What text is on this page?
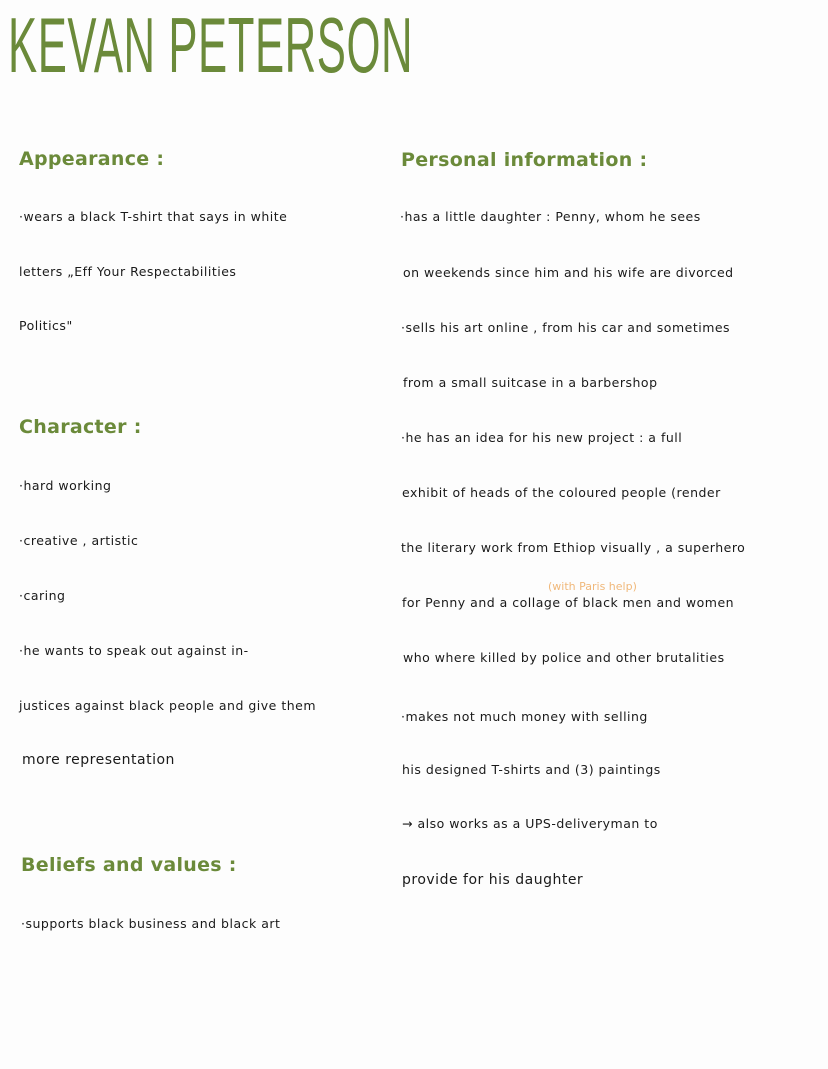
KEVAN PETERSON
Appearance :
·wears a black T-shirt that says in white
letters „Eff Your Respectabilities
Politics"
Character :
·hard working
·creative , artistic
·caring
·he wants to speak out against in-
justices against black people and give them
more representation
Beliefs and values :
·supports black business and black art
Personal information :
·has a little daughter : Penny, whom he sees
on weekends since him and his wife are divorced
·sells his art online , from his car and sometimes
from a small suitcase in a barbershop
·he has an idea for his new project : a full
exhibit of heads of the coloured people (render
the literary work from Ethiop visually , a superhero
(with Paris help)
for Penny and a collage of black men and women
who where killed by police and other brutalities
·makes not much money with selling
his designed T-shirts and (3) paintings
→ also works as a UPS-deliveryman to
provide for his daughter
